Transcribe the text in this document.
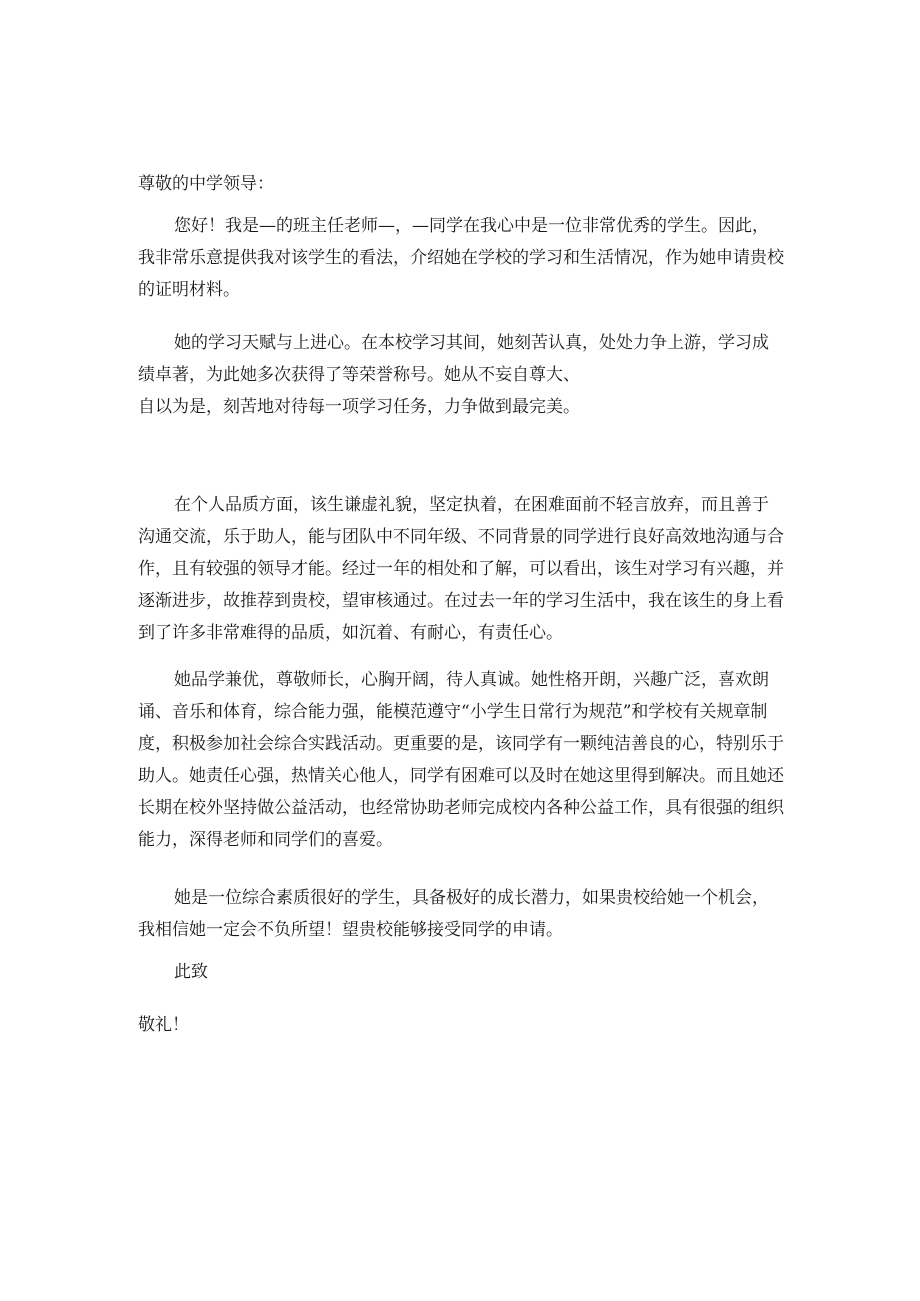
尊敬的中学领导：
您好！我是—的班主任老师—，—同学在我心中是一位非常优秀的学生。因此，我非常乐意提供我对该学生的看法，介绍她在学校的学习和生活情况，作为她申请贵校的证明材料。
她的学习天赋与上进心。在本校学习其间，她刻苦认真，处处力争上游，学习成绩卓著，为此她多次获得了等荣誉称号。她从不妄自尊大、
自以为是，刻苦地对待每一项学习任务，力争做到最完美。
在个人品质方面，该生谦虚礼貌，坚定执着，在困难面前不轻言放弃，而且善于沟通交流，乐于助人，能与团队中不同年级、不同背景的同学进行良好高效地沟通与合作，且有较强的领导才能。经过一年的相处和了解，可以看出，该生对学习有兴趣，并逐渐进步，故推荐到贵校，望审核通过。在过去一年的学习生活中，我在该生的身上看到了许多非常难得的品质，如沉着、有耐心，有责任心。
她品学兼优，尊敬师长，心胸开阔，待人真诚。她性格开朗，兴趣广泛，喜欢朗诵、音乐和体育，综合能力强，能模范遵守“小学生日常行为规范”和学校有关规章制度，积极参加社会综合实践活动。更重要的是，该同学有一颗纯洁善良的心，特别乐于助人。她责任心强，热情关心他人，同学有困难可以及时在她这里得到解决。而且她还长期在校外坚持做公益活动，也经常协助老师完成校内各种公益工作，具有很强的组织能力，深得老师和同学们的喜爱。
她是一位综合素质很好的学生，具备极好的成长潜力，如果贵校给她一个机会，我相信她一定会不负所望！望贵校能够接受同学的申请。
此致
敬礼！
